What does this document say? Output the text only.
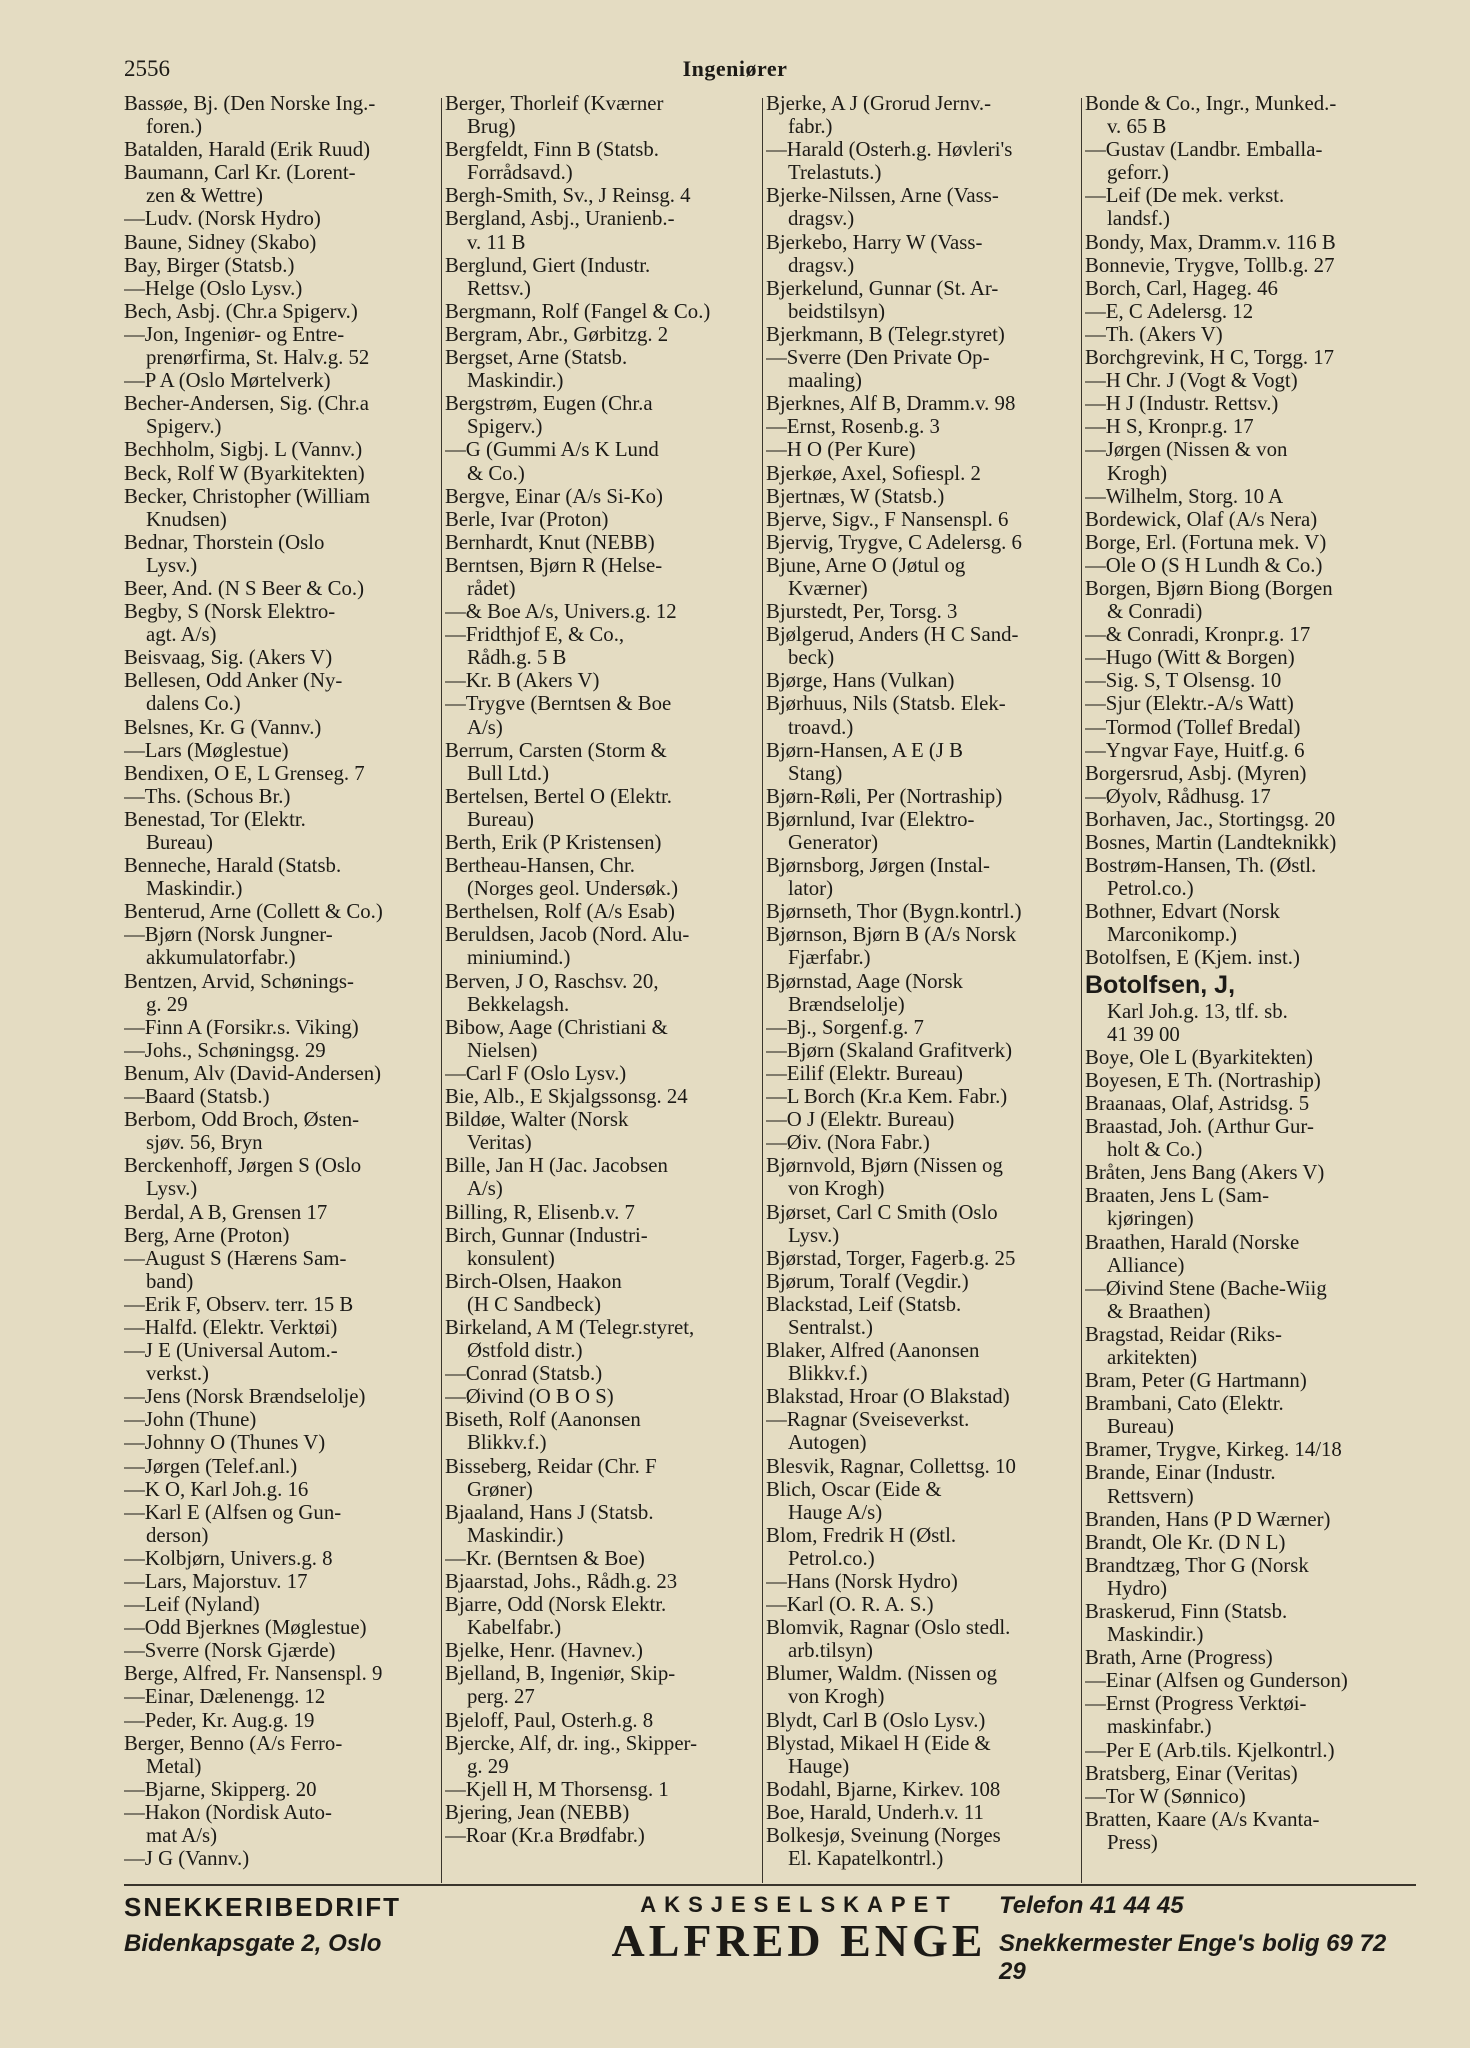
2556	Ingeniører
Bassøe, Bj. (Den Norske Ing.-
foren.)
Batalden, Harald (Erik Ruud)
Baumann, Carl Kr. (Lorent-
zen & Wettre)
—Ludv. (Norsk Hydro)
Baune, Sidney (Skabo)
Bay, Birger (Statsb.)
—Helge (Oslo Lysv.)
Bech, Asbj. (Chr.a Spigerv.)
—Jon, Ingeniør- og Entre-
prenørfirma, St. Halv.g. 52
—P A (Oslo Mørtelverk)
Becher-Andersen, Sig. (Chr.a
Spigerv.)
Bechholm, Sigbj. L (Vannv.)
Beck, Rolf W (Byarkitekten)
Becker, Christopher (William
Knudsen)
Bednar, Thorstein (Oslo
Lysv.)
Beer, And. (N S Beer & Co.)
Begby, S (Norsk Elektro-
agt. A/s)
Beisvaag, Sig. (Akers V)
Bellesen, Odd Anker (Ny-
dalens Co.)
Belsnes, Kr. G (Vannv.)
—Lars (Møglestue)
Bendixen, O E, L Grenseg. 7
—Ths. (Schous Br.)
Benestad, Tor (Elektr.
Bureau)
Benneche, Harald (Statsb.
Maskindir.)
Benterud, Arne (Collett & Co.)
—Bjørn (Norsk Jungner-
akkumulatorfabr.)
Bentzen, Arvid, Schønings-
g. 29
—Finn A (Forsikr.s. Viking)
—Johs., Schøningsg. 29
Benum, Alv (David-Andersen)
—Baard (Statsb.)
Berbom, Odd Broch, Østen-
sjøv. 56, Bryn
Berckenhoff, Jørgen S (Oslo
Lysv.)
Berdal, A B, Grensen 17
Berg, Arne (Proton)
—August S (Hærens Sam-
band)
—Erik F, Observ. terr. 15 B
—Halfd. (Elektr. Verktøi)
—J E (Universal Autom.-
verkst.)
—Jens (Norsk Brændselolje)
—John (Thune)
—Johnny O (Thunes V)
—Jørgen (Telef.anl.)
—K O, Karl Joh.g. 16
—Karl E (Alfsen og Gun-
derson)
—Kolbjørn, Univers.g. 8
—Lars, Majorstuv. 17
—Leif (Nyland)
—Odd Bjerknes (Møglestue)
—Sverre (Norsk Gjærde)
Berge, Alfred, Fr. Nansenspl. 9
—Einar, Dælenengg. 12
—Peder, Kr. Aug.g. 19
Berger, Benno (A/s Ferro-
Metal)
—Bjarne, Skipperg. 20
—Hakon (Nordisk Auto-
mat A/s)
—J G (Vannv.)
Berger, Thorleif (Kværner
Brug)
Bergfeldt, Finn B (Statsb.
Forrådsavd.)
Bergh-Smith, Sv., J Reinsg. 4
Bergland, Asbj., Uranienb.-
v. 11 B
Berglund, Giert (Industr.
Rettsv.)
Bergmann, Rolf (Fangel & Co.)
Bergram, Abr., Gørbitzg. 2
Bergset, Arne (Statsb.
Maskindir.)
Bergstrøm, Eugen (Chr.a
Spigerv.)
—G (Gummi A/s K Lund
& Co.)
Bergve, Einar (A/s Si-Ko)
Berle, Ivar (Proton)
Bernhardt, Knut (NEBB)
Berntsen, Bjørn R (Helse-
rådet)
—& Boe A/s, Univers.g. 12
—Fridthjof E, & Co.,
Rådh.g. 5 B
—Kr. B (Akers V)
—Trygve (Berntsen & Boe
A/s)
Berrum, Carsten (Storm &
Bull Ltd.)
Bertelsen, Bertel O (Elektr.
Bureau)
Berth, Erik (P Kristensen)
Bertheau-Hansen, Chr.
(Norges geol. Undersøk.)
Berthelsen, Rolf (A/s Esab)
Beruldsen, Jacob (Nord. Alu-
miniumind.)
Berven, J O, Raschsv. 20,
Bekkelagsh.
Bibow, Aage (Christiani &
Nielsen)
—Carl F (Oslo Lysv.)
Bie, Alb., E Skjalgssonsg. 24
Bildøe, Walter (Norsk
Veritas)
Bille, Jan H (Jac. Jacobsen
A/s)
Billing, R, Elisenb.v. 7
Birch, Gunnar (Industri-
konsulent)
Birch-Olsen, Haakon
(H C Sandbeck)
Birkeland, A M (Telegr.styret,
Østfold distr.)
—Conrad (Statsb.)
—Øivind (O B O S)
Biseth, Rolf (Aanonsen
Blikkv.f.)
Bisseberg, Reidar (Chr. F
Grøner)
Bjaaland, Hans J (Statsb.
Maskindir.)
—Kr. (Berntsen & Boe)
Bjaarstad, Johs., Rådh.g. 23
Bjarre, Odd (Norsk Elektr.
Kabelfabr.)
Bjelke, Henr. (Havnev.)
Bjelland, B, Ingeniør, Skip-
perg. 27
Bjeloff, Paul, Osterh.g. 8
Bjercke, Alf, dr. ing., Skipper-
g. 29
—Kjell H, M Thorsensg. 1
Bjering, Jean (NEBB)
—Roar (Kr.a Brødfabr.)
Bjerke, A J (Grorud Jernv.-
fabr.)
—Harald (Osterh.g. Høvleri's
Trelastuts.)
Bjerke-Nilssen, Arne (Vass-
dragsv.)
Bjerkebo, Harry W (Vass-
dragsv.)
Bjerkelund, Gunnar (St. Ar-
beidstilsyn)
Bjerkmann, B (Telegr.styret)
—Sverre (Den Private Op-
maaling)
Bjerknes, Alf B, Dramm.v. 98
—Ernst, Rosenb.g. 3
—H O (Per Kure)
Bjerkøe, Axel, Sofiespl. 2
Bjertnæs, W (Statsb.)
Bjerve, Sigv., F Nansenspl. 6
Bjervig, Trygve, C Adelersg. 6
Bjune, Arne O (Jøtul og
Kværner)
Bjurstedt, Per, Torsg. 3
Bjølgerud, Anders (H C Sand-
beck)
Bjørge, Hans (Vulkan)
Bjørhuus, Nils (Statsb. Elek-
troavd.)
Bjørn-Hansen, A E (J B
Stang)
Bjørn-Røli, Per (Nortraship)
Bjørnlund, Ivar (Elektro-
Generator)
Bjørnsborg, Jørgen (Instal-
lator)
Bjørnseth, Thor (Bygn.kontrl.)
Bjørnson, Bjørn B (A/s Norsk
Fjærfabr.)
Bjørnstad, Aage (Norsk
Brændselolje)
—Bj., Sorgenf.g. 7
—Bjørn (Skaland Grafitverk)
—Eilif (Elektr. Bureau)
—L Borch (Kr.a Kem. Fabr.)
—O J (Elektr. Bureau)
—Øiv. (Nora Fabr.)
Bjørnvold, Bjørn (Nissen og
von Krogh)
Bjørset, Carl C Smith (Oslo
Lysv.)
Bjørstad, Torger, Fagerb.g. 25
Bjørum, Toralf (Vegdir.)
Blackstad, Leif (Statsb.
Sentralst.)
Blaker, Alfred (Aanonsen
Blikkv.f.)
Blakstad, Hroar (O Blakstad)
—Ragnar (Sveiseverkst.
Autogen)
Blesvik, Ragnar, Collettsg. 10
Blich, Oscar (Eide &
Hauge A/s)
Blom, Fredrik H (Østl.
Petrol.co.)
—Hans (Norsk Hydro)
—Karl (O. R. A. S.)
Blomvik, Ragnar (Oslo stedl.
arb.tilsyn)
Blumer, Waldm. (Nissen og
von Krogh)
Blydt, Carl B (Oslo Lysv.)
Blystad, Mikael H (Eide &
Hauge)
Bodahl, Bjarne, Kirkev. 108
Boe, Harald, Underh.v. 11
Bolkesjø, Sveinung (Norges
El. Kapatelkontrl.)
Bonde & Co., Ingr., Munked.-
v. 65 B
—Gustav (Landbr. Emballa-
geforr.)
—Leif (De mek. verkst.
landsf.)
Bondy, Max, Dramm.v. 116 B
Bonnevie, Trygve, Tollb.g. 27
Borch, Carl, Hageg. 46
—E, C Adelersg. 12
—Th. (Akers V)
Borchgrevink, H C, Torgg. 17
—H Chr. J (Vogt & Vogt)
—H J (Industr. Rettsv.)
—H S, Kronpr.g. 17
—Jørgen (Nissen & von
Krogh)
—Wilhelm, Storg. 10 A
Bordewick, Olaf (A/s Nera)
Borge, Erl. (Fortuna mek. V)
—Ole O (S H Lundh & Co.)
Borgen, Bjørn Biong (Borgen
& Conradi)
—& Conradi, Kronpr.g. 17
—Hugo (Witt & Borgen)
—Sig. S, T Olsensg. 10
—Sjur (Elektr.-A/s Watt)
—Tormod (Tollef Bredal)
—Yngvar Faye, Huitf.g. 6
Borgersrud, Asbj. (Myren)
—Øyolv, Rådhusg. 17
Borhaven, Jac., Stortingsg. 20
Bosnes, Martin (Landteknikk)
Bostrøm-Hansen, Th. (Østl.
Petrol.co.)
Bothner, Edvart (Norsk
Marconikomp.)
Botolfsen, E (Kjem. inst.)
Botolfsen, J,
Karl Joh.g. 13, tlf. sb.
41 39 00
Boye, Ole L (Byarkitekten)
Boyesen, E Th. (Nortraship)
Braanaas, Olaf, Astridsg. 5
Braastad, Joh. (Arthur Gur-
holt & Co.)
Bråten, Jens Bang (Akers V)
Braaten, Jens L (Sam-
kjøringen)
Braathen, Harald (Norske
Alliance)
—Øivind Stene (Bache-Wiig
& Braathen)
Bragstad, Reidar (Riks-
arkitekten)
Bram, Peter (G Hartmann)
Brambani, Cato (Elektr.
Bureau)
Bramer, Trygve, Kirkeg. 14/18
Brande, Einar (Industr.
Rettsvern)
Branden, Hans (P D Wærner)
Brandt, Ole Kr. (D N L)
Brandtzæg, Thor G (Norsk
Hydro)
Braskerud, Finn (Statsb.
Maskindir.)
Brath, Arne (Progress)
—Einar (Alfsen og Gunderson)
—Ernst (Progress Verktøi-
maskinfabr.)
—Per E (Arb.tils. Kjelkontrl.)
Bratsberg, Einar (Veritas)
—Tor W (Sønnico)
Bratten, Kaare (A/s Kvanta-
Press)
SNEKKERIBEDRIFT
Bidenkapsgate 2, Oslo
AKSJESELSKAPET
ALFRED ENGE
Telefon 41 44 45
Snekkermester Enge's bolig 69 72 29
